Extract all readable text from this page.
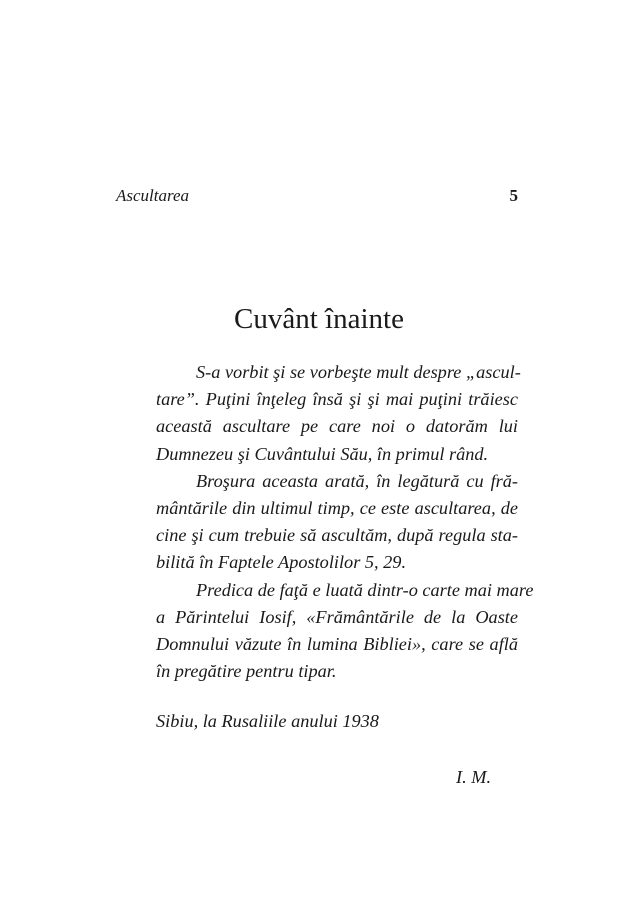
Ascultarea	5
Cuvânt înainte
S-a vorbit şi se vorbeşte mult despre „ascul-
tare”. Puţini înţeleg însă şi şi mai puţini trăiesc
această ascultare pe care noi o datorăm lui
Dumnezeu şi Cuvântului Său, în primul rând.
Broşura aceasta arată, în legătură cu fră-
mântările din ultimul timp, ce este ascultarea, de
cine şi cum trebuie să ascultăm, după regula sta-
bilită în Faptele Apostolilor 5, 29.
Predica de faţă e luată dintr-o carte mai mare
a Părintelui Iosif, «Frământările de la Oaste
Domnului văzute în lumina Bibliei», care se află
în pregătire pentru tipar.
Sibiu, la Rusaliile anului 1938
I. M.
